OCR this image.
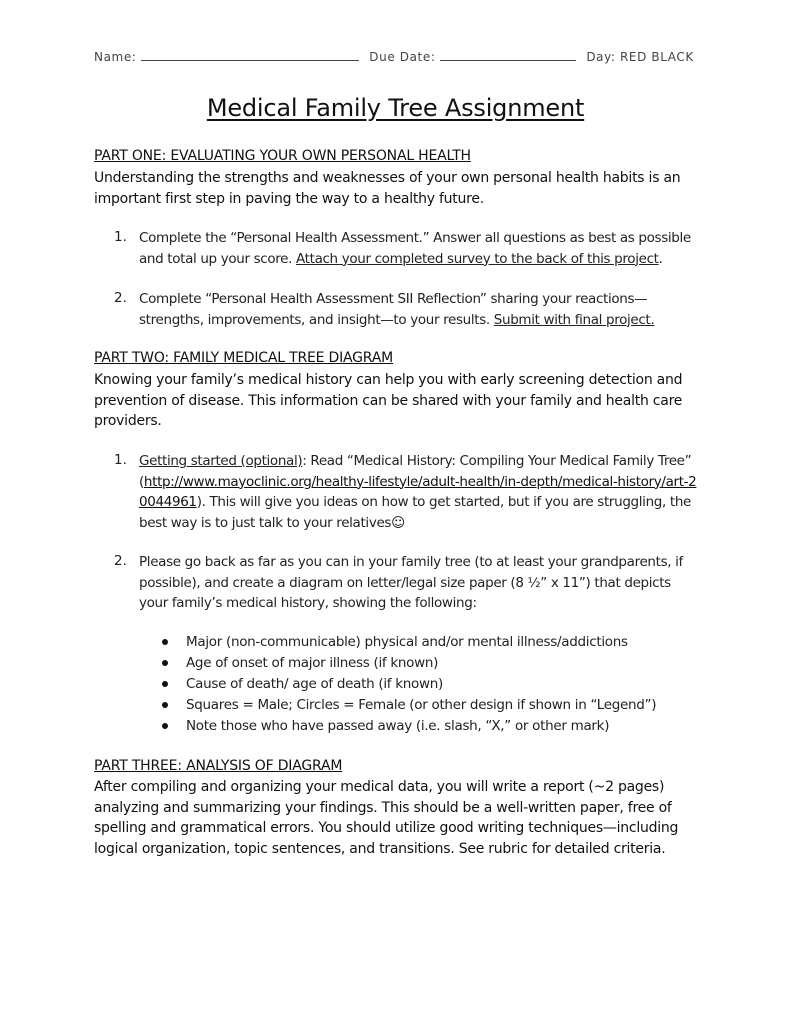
Name:	Due Date:	Day: RED BLACK
Medical Family Tree Assignment
PART ONE: EVALUATING YOUR OWN PERSONAL HEALTH
Understanding the strengths and weaknesses of your own personal health habits is an important first step in paving the way to a healthy future.
1. Complete the “Personal Health Assessment.” Answer all questions as best as possible and total up your score. Attach your completed survey to the back of this project.
2. Complete “Personal Health Assessment SII Reflection” sharing your reactions—strengths, improvements, and insight—to your results. Submit with final project.
PART TWO: FAMILY MEDICAL TREE DIAGRAM
Knowing your family’s medical history can help you with early screening detection and prevention of disease. This information can be shared with your family and health care providers.
1. Getting started (optional): Read “Medical History: Compiling Your Medical Family Tree” (http://www.mayoclinic.org/healthy-lifestyle/adult-health/in-depth/medical-history/art-20044961). This will give you ideas on how to get started, but if you are struggling, the best way is to just talk to your relatives☺
2. Please go back as far as you can in your family tree (to at least your grandparents, if possible), and create a diagram on letter/legal size paper (8 ½” x 11”) that depicts your family’s medical history, showing the following:
Major (non-communicable) physical and/or mental illness/addictions
Age of onset of major illness (if known)
Cause of death/ age of death (if known)
Squares = Male; Circles = Female (or other design if shown in “Legend”)
Note those who have passed away (i.e. slash, “X,” or other mark)
PART THREE: ANALYSIS OF DIAGRAM
After compiling and organizing your medical data, you will write a report (~2 pages) analyzing and summarizing your findings. This should be a well-written paper, free of spelling and grammatical errors. You should utilize good writing techniques—including logical organization, topic sentences, and transitions. See rubric for detailed criteria.
